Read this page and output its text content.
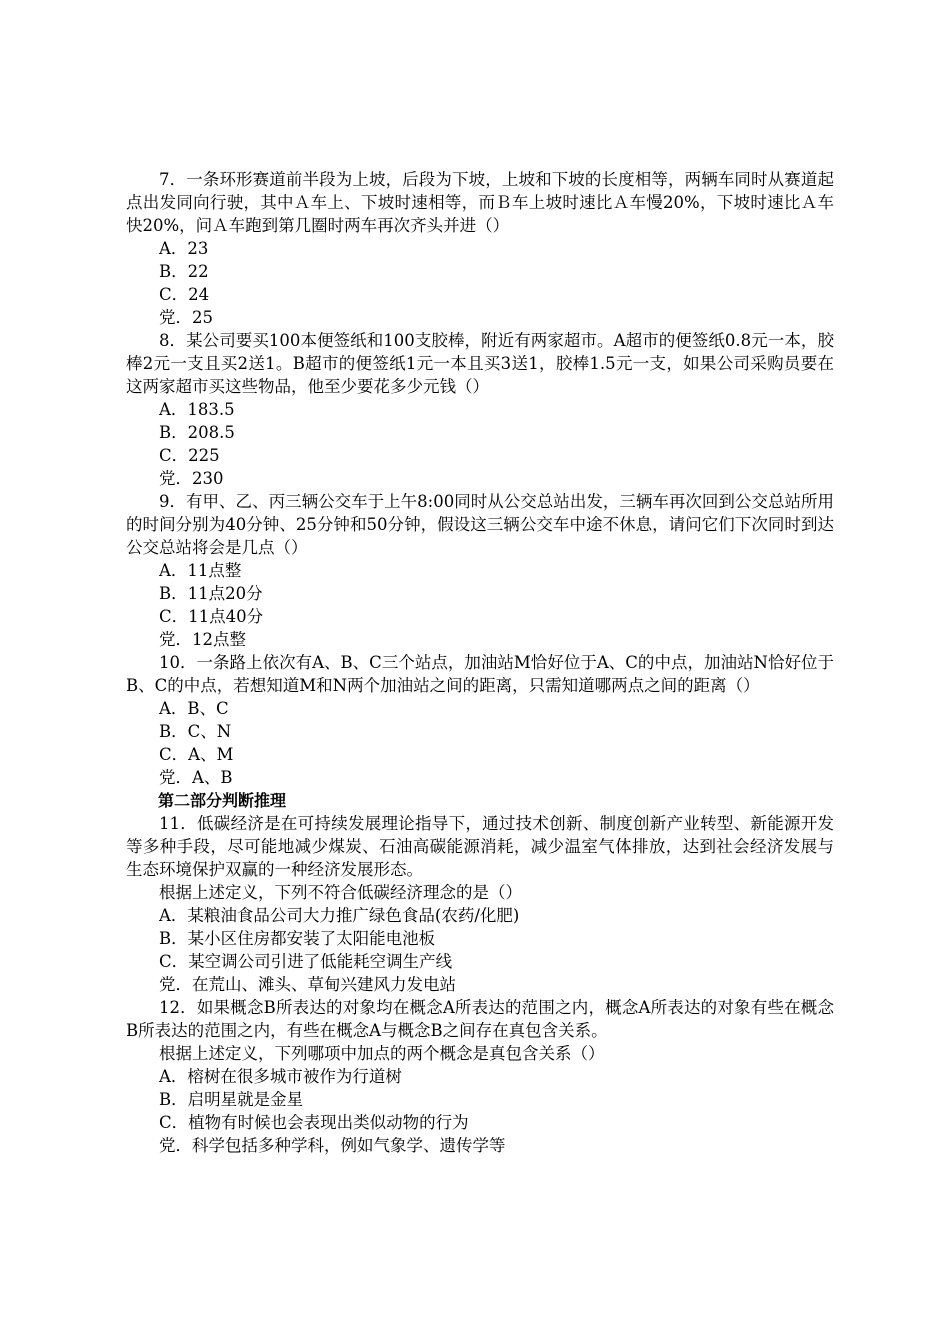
7．一条环形赛道前半段为上坡，后段为下坡，上坡和下坡的长度相等，两辆车同时从赛道起点出发同向行驶，其中Ａ车上、下坡时速相等，而Ｂ车上坡时速比Ａ车慢20%，下坡时速比Ａ车快20%，问Ａ车跑到第几圈时两车再次齐头并进（）

A．23

B．22

C．24

党．25

8．某公司要买100本便签纸和100支胶棒，附近有两家超市。A超市的便签纸0.8元一本，胶棒2元一支且买2送1。B超市的便签纸1元一本且买3送1，胶棒1.5元一支，如果公司采购员要在这两家超市买这些物品，他至少要花多少元钱（）

A．183.5

B．208.5

C．225

党．230

9．有甲、乙、丙三辆公交车于上午8:00同时从公交总站出发，三辆车再次回到公交总站所用的时间分别为40分钟、25分钟和50分钟，假设这三辆公交车中途不休息，请问它们下次同时到达公交总站将会是几点（）

A．11点整

B．11点20分

C．11点40分

党．12点整

10．一条路上依次有A、B、C三个站点，加油站M恰好位于A、C的中点，加油站N恰好位于B、C的中点，若想知道M和N两个加油站之间的距离，只需知道哪两点之间的距离（）

A．B、C

B．C、N

C．A、M

党．A、B

第二部分判断推理

11．低碳经济是在可持续发展理论指导下，通过技术创新、制度创新产业转型、新能源开发等多种手段，尽可能地减少煤炭、石油高碳能源消耗，减少温室气体排放，达到社会经济发展与生态环境保护双赢的一种经济发展形态。

根据上述定义，下列不符合低碳经济理念的是（）

A．某粮油食品公司大力推广绿色食品(农药/化肥)

B．某小区住房都安装了太阳能电池板

C．某空调公司引进了低能耗空调生产线

党．在荒山、滩头、草甸兴建风力发电站

12．如果概念B所表达的对象均在概念A所表达的范围之内，概念A所表达的对象有些在概念B所表达的范围之内，有些在概念A与概念B之间存在真包含关系。

根据上述定义，下列哪项中加点的两个概念是真包含关系（）

A．榕树在很多城市被作为行道树

B．启明星就是金星

C．植物有时候也会表现出类似动物的行为

党．科学包括多种学科，例如气象学、遗传学等
